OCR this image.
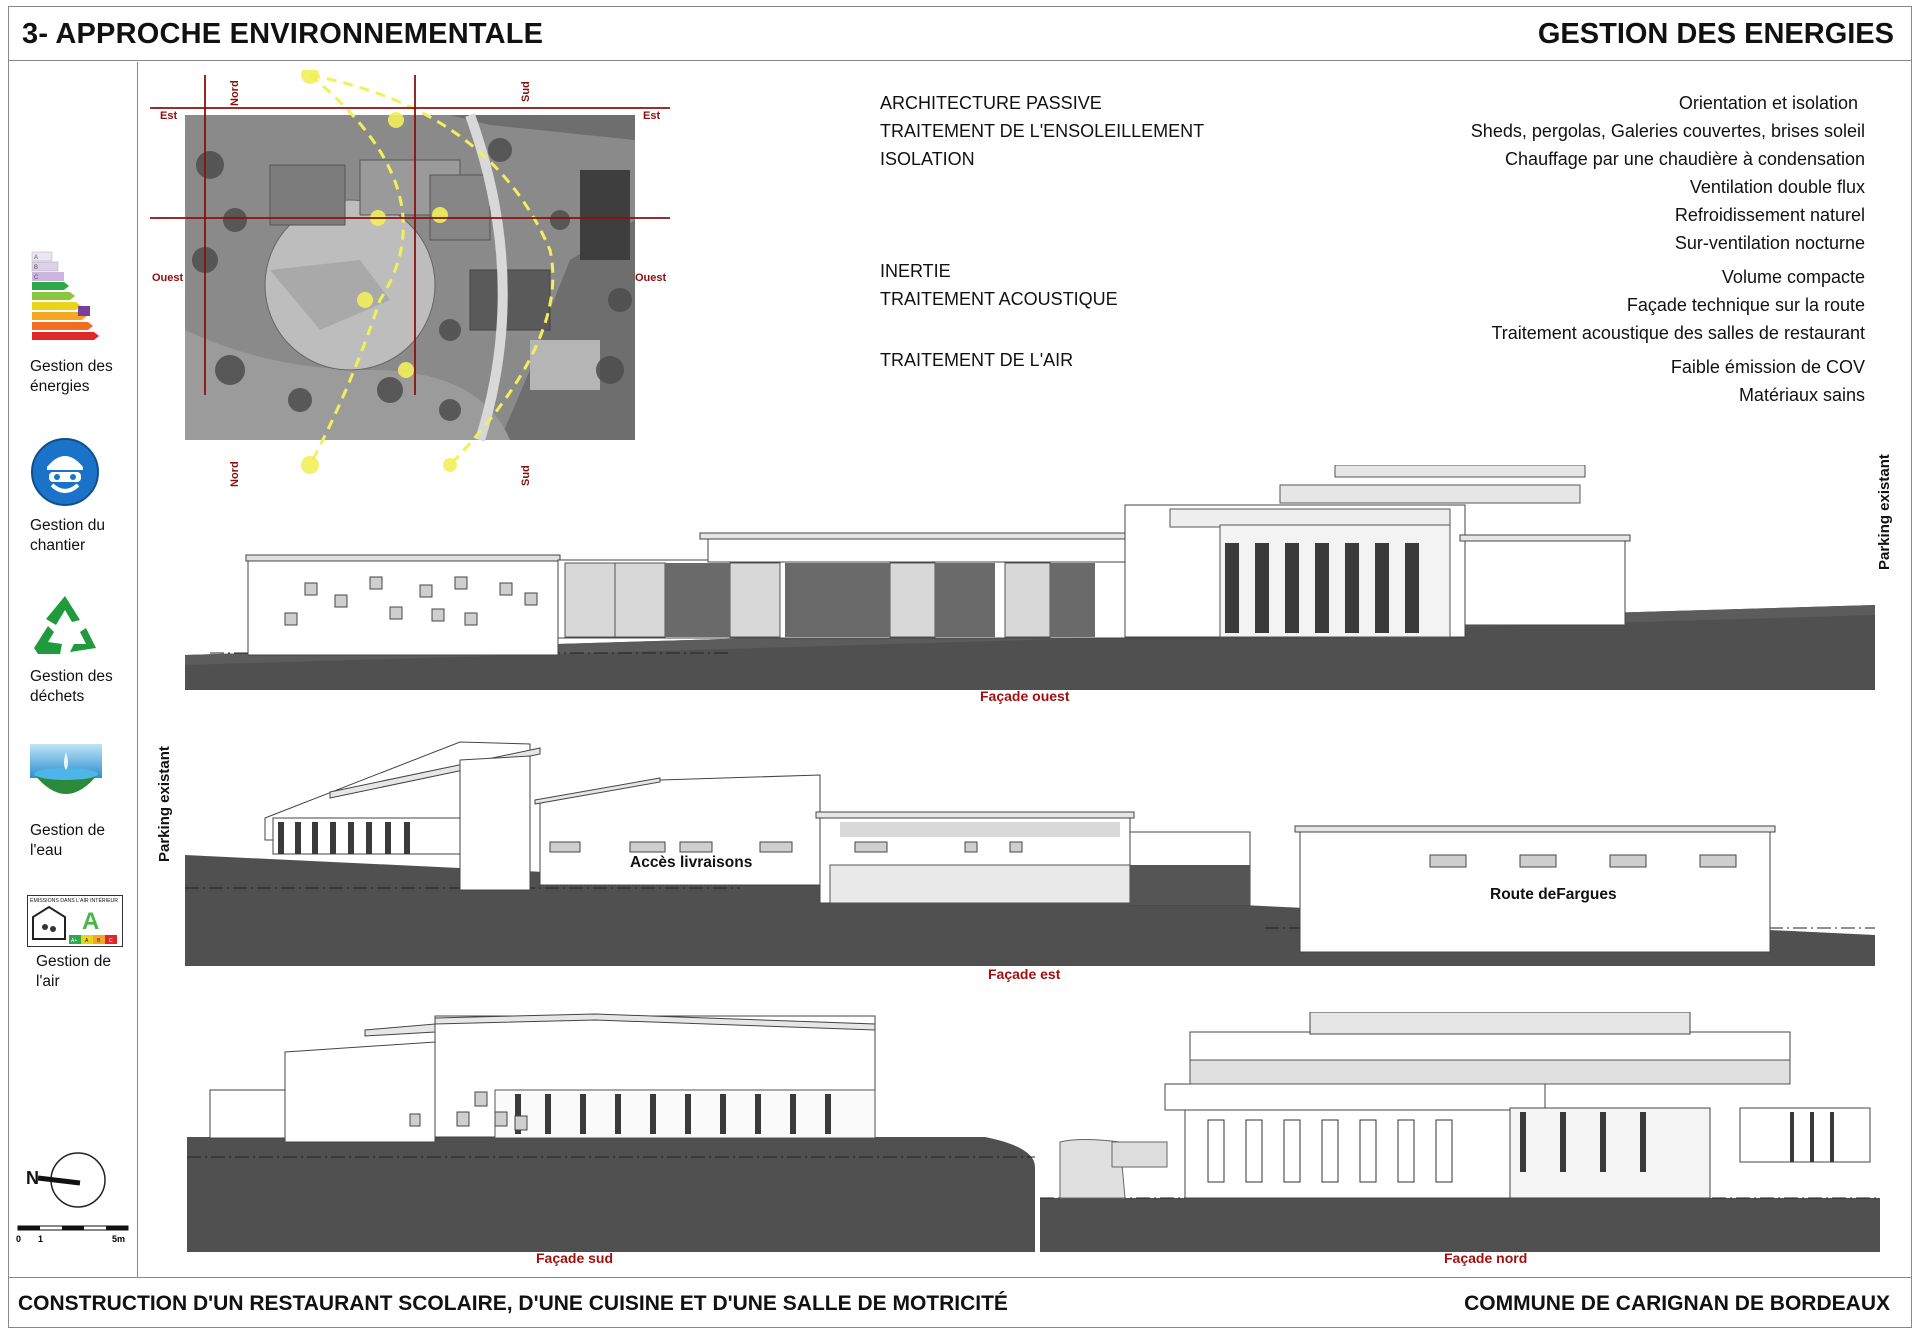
3- APPROCHE ENVIRONNEMENTALE	GESTION DES ENERGIES
A
B
C
Gestion des énergies
Gestion du chantier
Gestion des déchets
Gestion de l'eau
ÉMISSIONS DANS L'AIR INTÉRIEUR
A
A+ A B C
Gestion de l'air
N
0 1	5m
Est	Est
Ouest	Ouest
Nord	Sud
Nord	Sud
ARCHITECTURE PASSIVE
TRAITEMENT DE L'ENSOLEILLEMENT
ISOLATION
INERTIE
TRAITEMENT ACOUSTIQUE
TRAITEMENT DE L'AIR
Orientation et isolation
Sheds, pergolas, Galeries couvertes, brises soleil
Chauffage par une chaudière à condensation
Ventilation double flux
Refroidissement naturel
Sur-ventilation nocturne
Volume compacte
Façade technique sur la route
Traitement acoustique des salles de restaurant
Faible émission de COV
Matériaux sains
Façade ouest
Parking existant
Façade est
Parking existant
Accès livraisons
Route deFargues
Façade sud	Façade nord
CONSTRUCTION D'UN RESTAURANT SCOLAIRE, D'UNE CUISINE ET D'UNE SALLE DE MOTRICITÉ	COMMUNE DE CARIGNAN DE BORDEAUX
